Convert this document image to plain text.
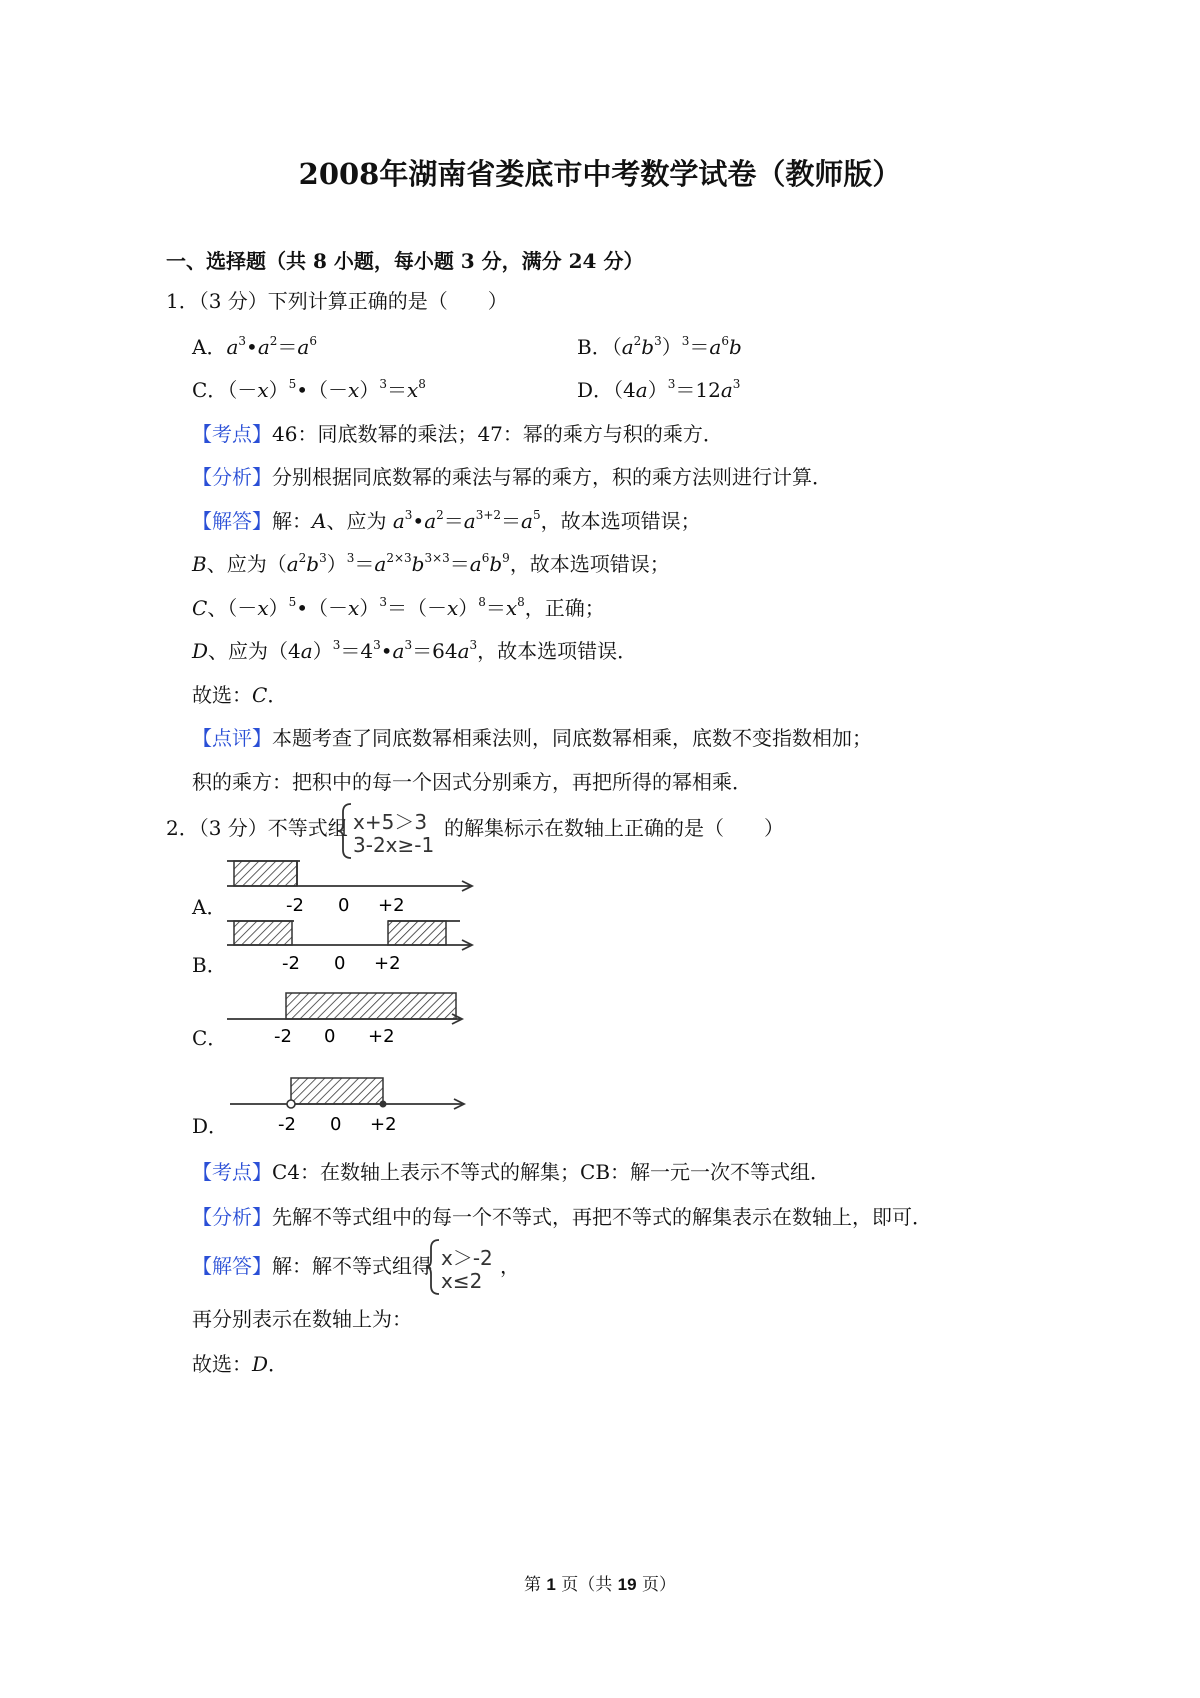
2008年湖南省娄底市中考数学试卷（教师版）
一、选择题（共 8 小题，每小题 3 分，满分 24 分）
1．（3 分）下列计算正确的是（　　）
A．$a^3•a^2=a^6$	B．$(a^2b^3)^3=a^6b$
C．$(-x)^5•(-x)^3=x^8$	D．$(4a)^3=12a^3$
【考点】46：同底数幂的乘法；47：幂的乘方与积的乘方．
【分析】分别根据同底数幂的乘法与幂的乘方，积的乘方法则进行计算．
【解答】解：A、应为 $a^3•a^2=a^{3+2}=a^5$，故本选项错误；
B、应为$(a^2b^3)^3=a^{2\times 3}b^{3\times 3}=a^6b^9$，故本选项错误；
C、$(-x)^5•(-x)^3=(-x)^8=x^8$，正确；
D、应为$(4a)^3=4^3•a^3=64a^3$，故本选项错误．
故选：C．
【点评】本题考查了同底数幂相乘法则，同底数幂相乘，底数不变指数相加；
积的乘方：把积中的每一个因式分别乘方，再把所得的幂相乘．
2．（3 分）不等式组 x+5＞3
3-2x≥-1
的解集标示在数轴上正确的是（　　）
A．	-2 0 +2
B．	-2 0 +2
C．	-2 0 +2
D．	-2 0 +2
【考点】C4：在数轴上表示不等式的解集；CB：解一元一次不等式组．
【分析】先解不等式组中的每一个不等式，再把不等式的解集表示在数轴上，即可．
【解答】解：解不等式组得 x＞-2
x≤2
，
再分别表示在数轴上为：
故选：D．
第 1 页（共 19 页）
